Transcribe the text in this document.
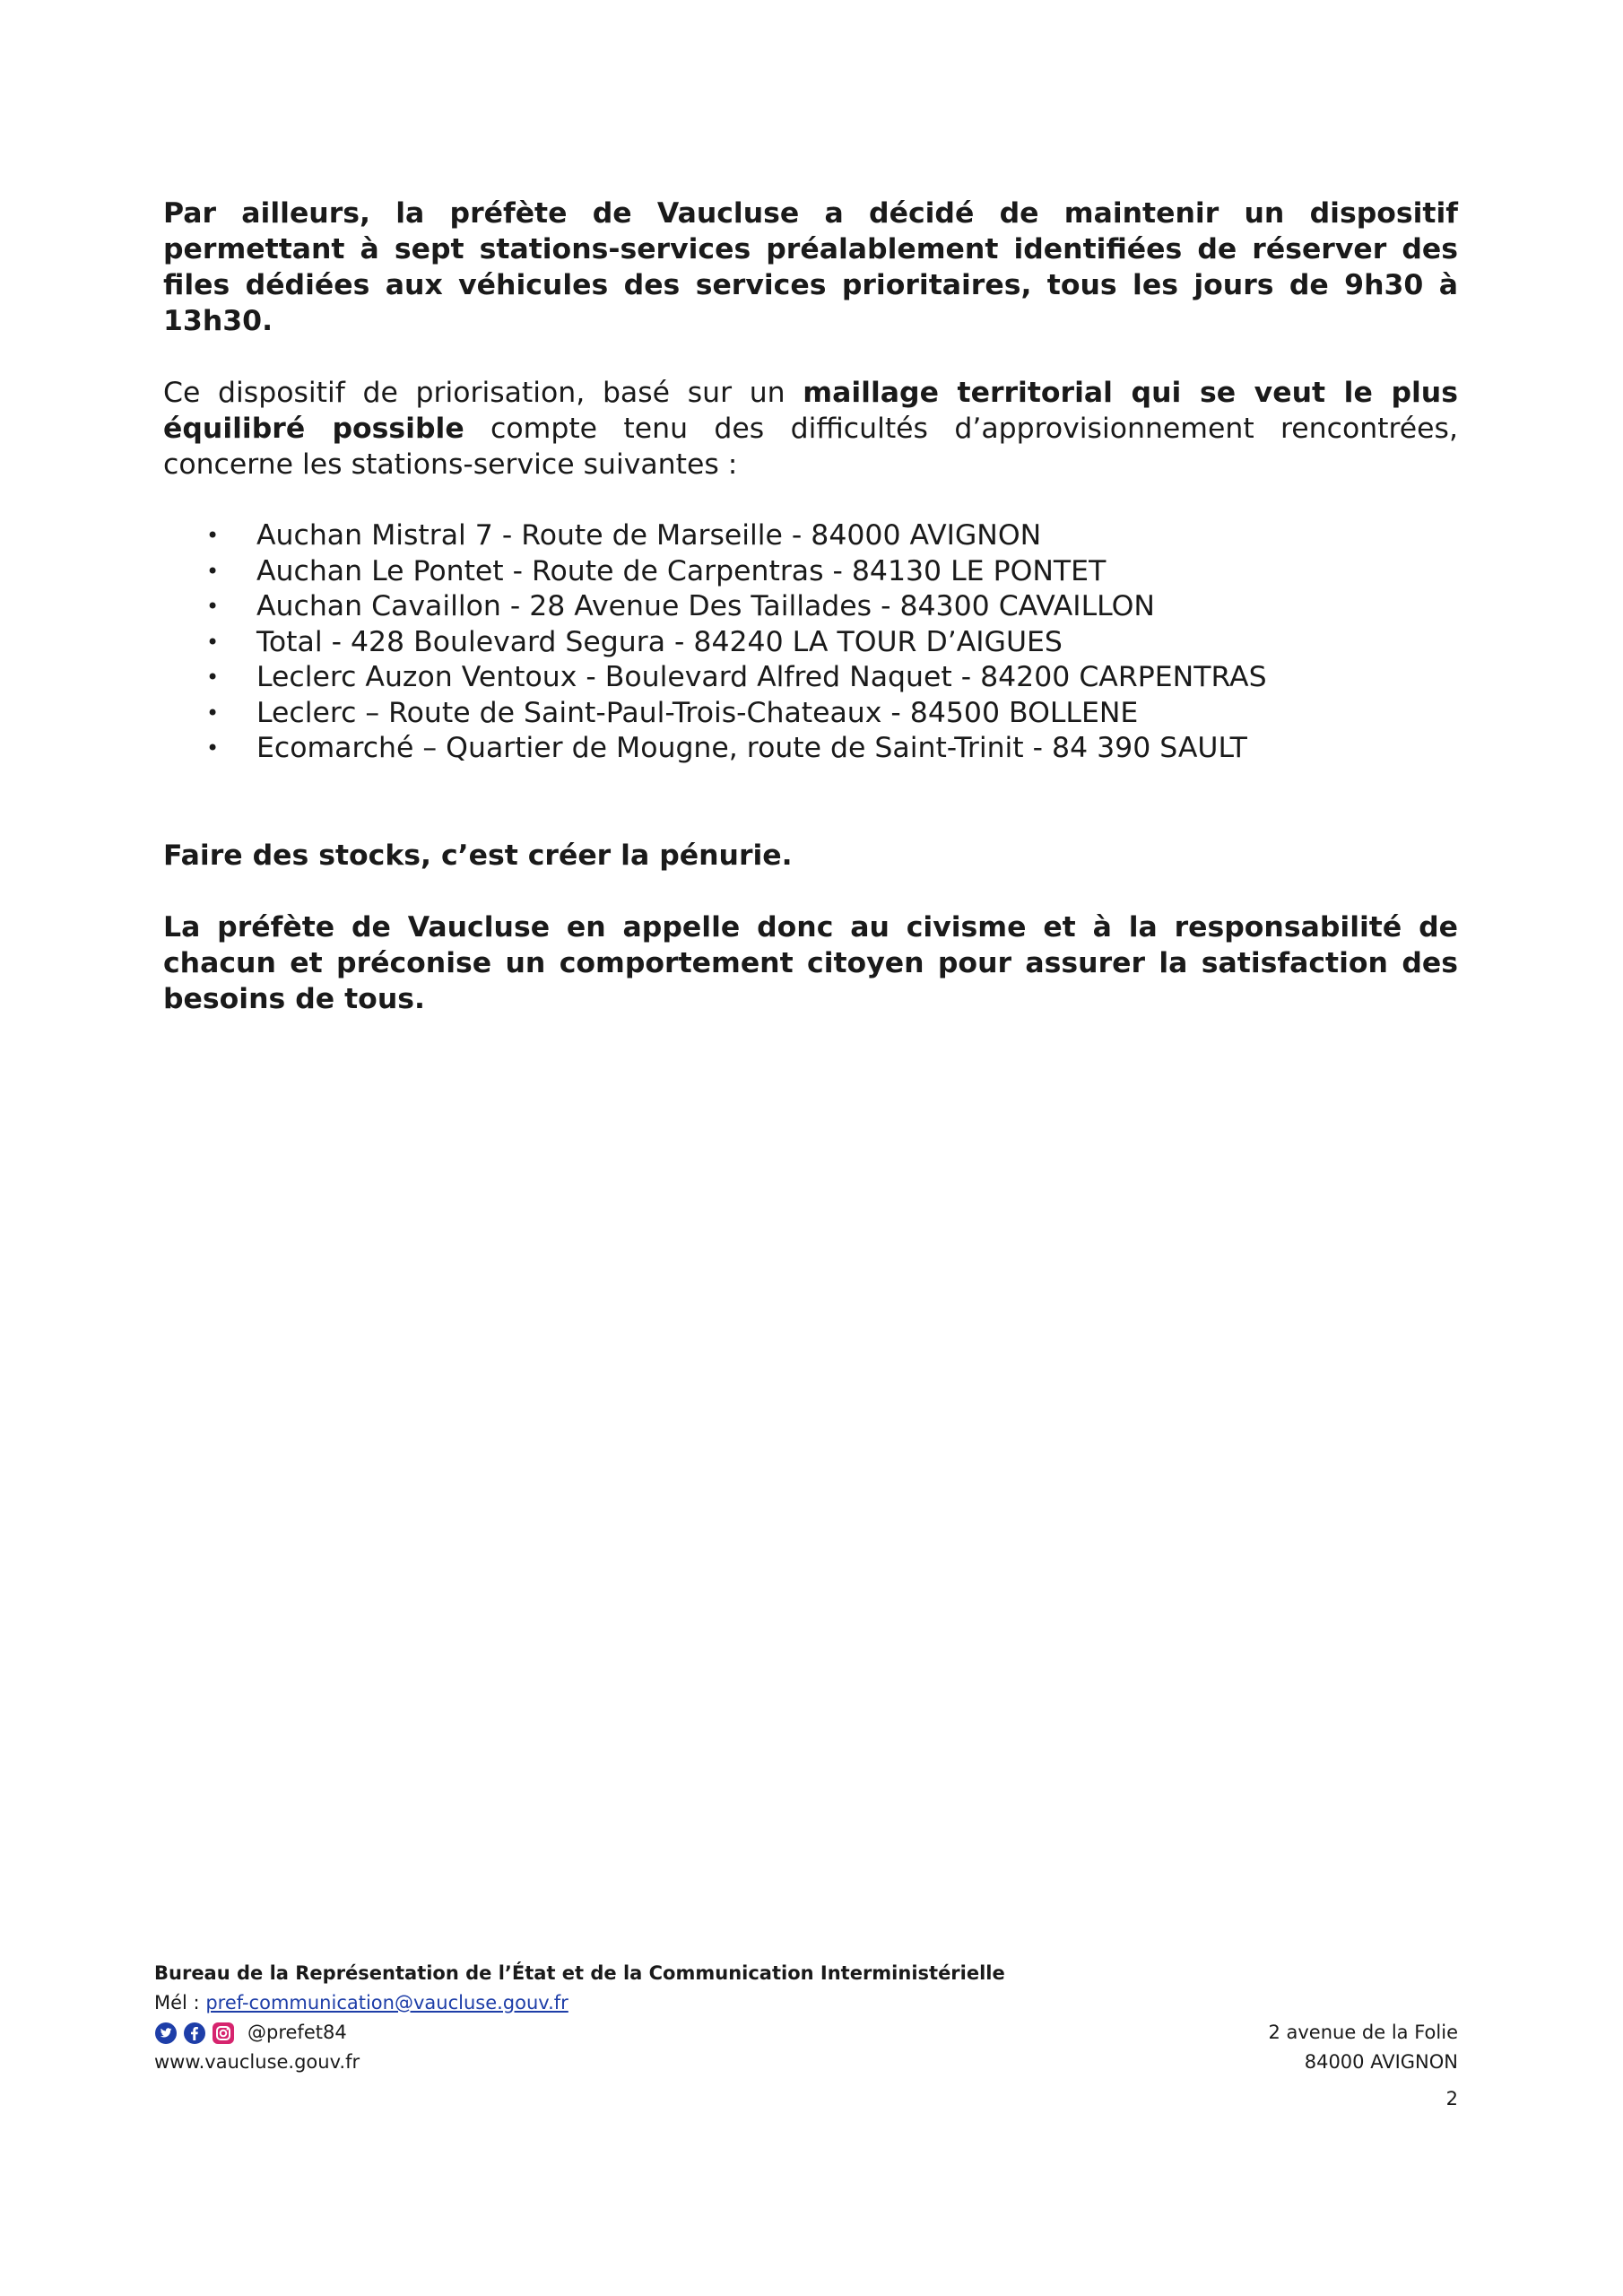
Par ailleurs, la préfète de Vaucluse a décidé de maintenir un dispositif permettant à sept stations-services préalablement identifiées de réserver des files dédiées aux véhicules des services prioritaires, tous les jours de 9h30 à 13h30.

Ce dispositif de priorisation, basé sur un maillage territorial qui se veut le plus équilibré possible compte tenu des difficultés d’approvisionnement rencontrées, concerne les stations-service suivantes :

• Auchan Mistral 7 - Route de Marseille - 84000 AVIGNON
• Auchan Le Pontet - Route de Carpentras - 84130 LE PONTET
• Auchan Cavaillon - 28 Avenue Des Taillades - 84300 CAVAILLON
• Total - 428 Boulevard Segura - 84240 LA TOUR D’AIGUES
• Leclerc Auzon Ventoux - Boulevard Alfred Naquet - 84200 CARPENTRAS
• Leclerc – Route de Saint-Paul-Trois-Chateaux - 84500 BOLLENE
• Ecomarché – Quartier de Mougne, route de Saint-Trinit - 84 390 SAULT

Faire des stocks, c’est créer la pénurie.

La préfète de Vaucluse en appelle donc au civisme et à la responsabilité de chacun et préconise un comportement citoyen pour assurer la satisfaction des besoins de tous.

Bureau de la Représentation de l’État et de la Communication Interministérielle
Mél : pref-communication@vaucluse.gouv.fr
@prefet84
www.vaucluse.gouv.fr
2 avenue de la Folie
84000 AVIGNON
2
